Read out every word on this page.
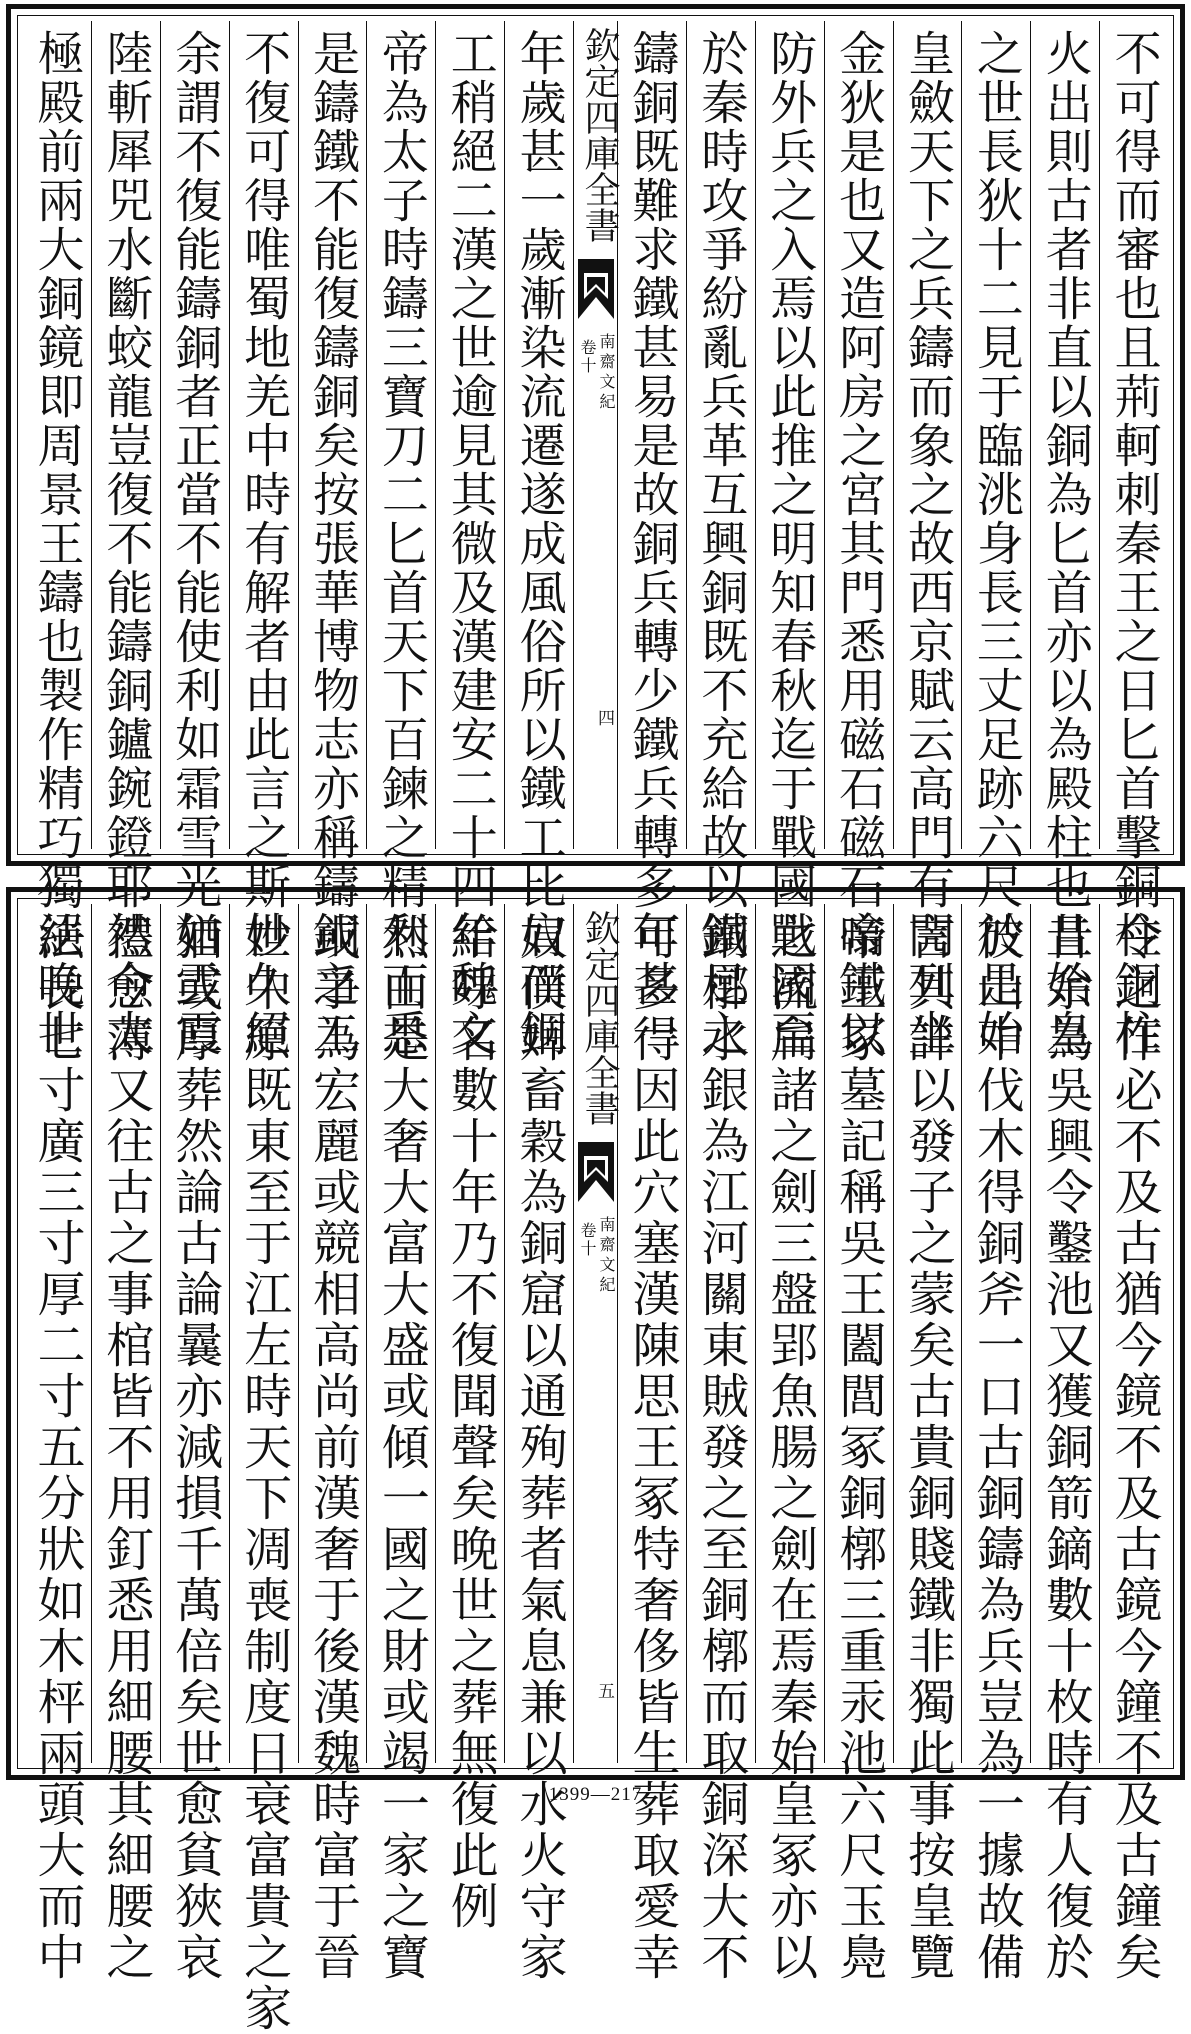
不可得而審也且荊軻刺秦王之日匕首擊銅柱銅柱
火出則古者非直以銅為匕首亦以為殿柱也且始皇
之世長狄十二見于臨洮身長三丈足跡六尺於是始
皇斂天下之兵鑄而象之故西京賦云高門有閌列坐
金狄是也又造阿房之宮其門悉用磁石磁石噏鐵以
防外兵之入焉以此推之明知春秋迄于戰國戰國至
於秦時攻爭紛亂兵革互興銅既不充給故以鐵足之
鑄銅既難求鐵甚易是故銅兵轉少鐵兵轉多年甚一
欽定四庫全書
南齋文紀
卷十
四
年歲甚一歲漸染流遷遂成風俗所以鐵工比肩而銅
工稍絕二漢之世逾見其微及漢建安二十四年魏文
帝為太子時鑄三寶刀二匕首天下百鍊之精利而悉
是鑄鐵不能復鑄銅矣按張華博物志亦稱鑄銅之工
不復可得唯蜀地羌中時有解者由此言之斯妙久絕
余謂不復能鑄銅者正當不能使利如霜雪光如雲霞
陸斬犀兕水斷蛟龍豈復不能鑄銅鑪鋺鐙耶然今太
極殿前兩大銅鏡即周景王鑄也製作精巧獨絕晚世
令之作必不及古猶今鏡不及古鏡今鐘不及古鐘矣
昔余為吳興令鑿池又獲銅箭鏑數十枚時有人復於
彼山中伐木得銅斧一口古銅鑄為兵豈為一據故備
言其詳以發子之蒙矣古貴銅賤鐵非獨此事按皇覽
帝王冢墓記稱吳王闔閭冢銅槨三重汞池六尺玉鳧
之流扁諸之劍三盤郢魚腸之劍在焉秦始皇冢亦以
銅槨水銀為江河關東賊發之至銅槨而取銅深大不
可多得因此穴塞漢陳思王冢特奢侈皆生葬取愛幸
欽定四庫全書
南齋文紀
卷十
五
奴僕婢畜穀為銅窟以通殉葬者氣息兼以水火守家
給呼名數十年乃不復聞聲矣晚世之葬無復此例
然由是大奢大富大盛或傾一國之財或竭一家之寶
或爭為宏麗或競相高尚前漢奢于後漢魏時富于晉
世中原既東至于江左時天下凋喪制度日衰富貴之家
猶或厚葬然論古論曩亦減損千萬倍矣世愈貧狹哀
禮愈薄又往古之事棺皆不用釘悉用細腰其細腰之
法長七寸廣三寸厚二寸五分狀如木枰兩頭大而中	1399—217
